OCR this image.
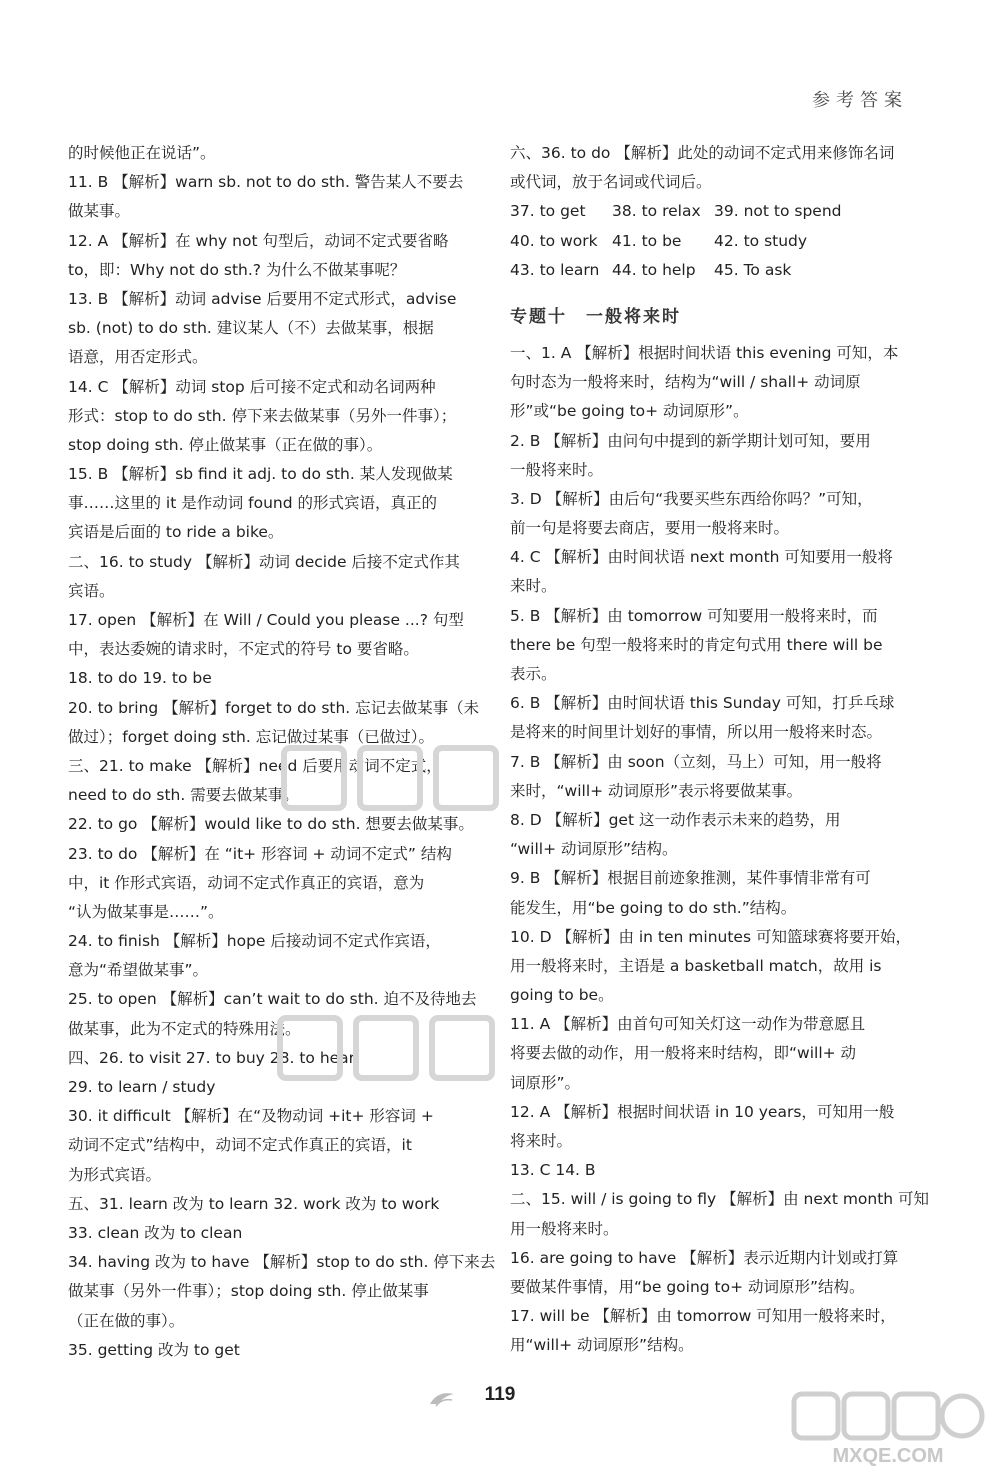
参考答案
的时候他正在说话”。
11. B 【解析】warn sb. not to do sth. 警告某人不要去
做某事。
12. A 【解析】在 why not 句型后，动词不定式要省略
to，即：Why not do sth.? 为什么不做某事呢？
13. B 【解析】动词 advise 后要用不定式形式，advise
sb. (not) to do sth. 建议某人（不）去做某事，根据
语意，用否定形式。
14. C 【解析】动词 stop 后可接不定式和动名词两种
形式：stop to do sth. 停下来去做某事（另外一件事）；
stop doing sth. 停止做某事（正在做的事）。
15. B 【解析】sb find it adj. to do sth. 某人发现做某
事……这里的 it 是作动词 found 的形式宾语，真正的
宾语是后面的 to ride a bike。
二、16. to study 【解析】动词 decide 后接不定式作其
宾语。
17. open 【解析】在 Will / Could you please ...? 句型
中，表达委婉的请求时，不定式的符号 to 要省略。
18. to do 19. to be
20. to bring 【解析】forget to do sth. 忘记去做某事（未
做过）；forget doing sth. 忘记做过某事（已做过）。
三、21. to make 【解析】need 后要用动词不定式，
need to do sth. 需要去做某事。
22. to go 【解析】would like to do sth. 想要去做某事。
23. to do 【解析】在 “it+ 形容词 + 动词不定式” 结构
中，it 作形式宾语，动词不定式作真正的宾语，意为
“认为做某事是……”。
24. to finish 【解析】hope 后接动词不定式作宾语，
意为“希望做某事”。
25. to open 【解析】can’t wait to do sth. 迫不及待地去
做某事，此为不定式的特殊用法。
四、26. to visit 27. to buy 28. to hear
29. to learn / study
30. it difficult 【解析】在“及物动词 +it+ 形容词 +
动词不定式”结构中，动词不定式作真正的宾语，it
为形式宾语。
五、31. learn 改为 to learn 32. work 改为 to work
33. clean 改为 to clean
34. having 改为 to have 【解析】stop to do sth. 停下来去
做某事（另外一件事）；stop doing sth. 停止做某事
（正在做的事）。
35. getting 改为 to get
六、36. to do 【解析】此处的动词不定式用来修饰名词
或代词，放于名词或代词后。
37. to get	38. to relax 39. not to spend
40. to work 41. to be	42. to study
43. to learn 44. to help	45. To ask
专题十　一般将来时
一、1. A 【解析】根据时间状语 this evening 可知，本
句时态为一般将来时，结构为“will / shall+ 动词原
形”或“be going to+ 动词原形”。
2. B 【解析】由问句中提到的新学期计划可知，要用
一般将来时。
3. D 【解析】由后句“我要买些东西给你吗？”可知，
前一句是将要去商店，要用一般将来时。
4. C 【解析】由时间状语 next month 可知要用一般将
来时。
5. B 【解析】由 tomorrow 可知要用一般将来时，而
there be 句型一般将来时的肯定句式用 there will be
表示。
6. B 【解析】由时间状语 this Sunday 可知，打乒乓球
是将来的时间里计划好的事情，所以用一般将来时态。
7. B 【解析】由 soon（立刻，马上）可知，用一般将
来时，“will+ 动词原形”表示将要做某事。
8. D 【解析】get 这一动作表示未来的趋势，用
“will+ 动词原形”结构。
9. B 【解析】根据目前迹象推测，某件事情非常有可
能发生，用“be going to do sth.”结构。
10. D 【解析】由 in ten minutes 可知篮球赛将要开始，
用一般将来时，主语是 a basketball match，故用 is
going to be。
11. A 【解析】由首句可知关灯这一动作为带意愿且
将要去做的动作，用一般将来时结构，即“will+ 动
词原形”。
12. A 【解析】根据时间状语 in 10 years，可知用一般
将来时。
13. C 14. B
二、15. will / is going to fly 【解析】由 next month 可知
用一般将来时。
16. are going to have 【解析】表示近期内计划或打算
要做某件事情，用“be going to+ 动词原形”结构。
17. will be 【解析】由 tomorrow 可知用一般将来时，
用“will+ 动词原形”结构。
119
MXQE.COM
